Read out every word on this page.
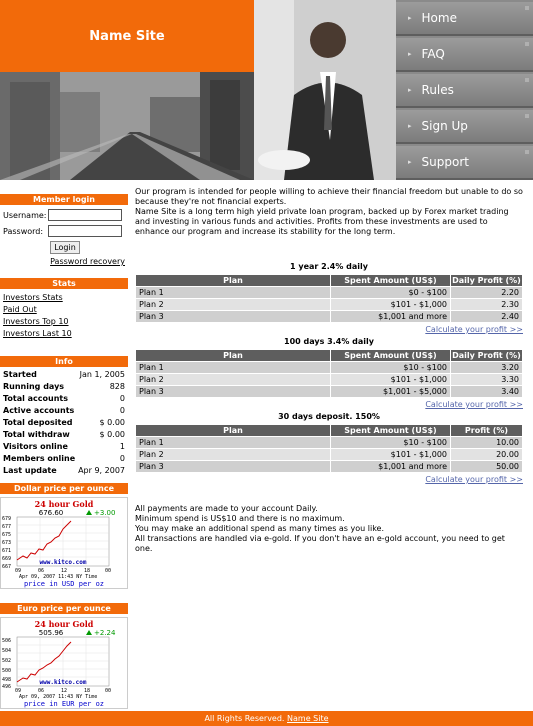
Name Site
▸ Home
▸ FAQ
▸ Rules
▸ Sign Up
▸ Support
Member login
Username:
Password:
Login
Password recovery
Stats
Investors Stats
Paid Out
Investors Top 10
Investors Last 10
Info
Started	Jan 1, 2005
Running days	828
Total accounts	0
Active accounts	0
Total deposited	$ 0.00
Total withdraw	$ 0.00
Visitors online	1
Members online	0
Last update	Apr 9, 2007
Dollar price per ounce
24 hour Gold
676.60	+3.00
679
677
675
673
671
669
667
09	06	12	18	00
Apr 09, 2007 11:43 NY Time
www.kitco.com
price in USD per oz
Euro price per ounce
24 hour Gold
505.96	+2.24
506
504
502
500
498
496
09	06	12	18	00
Apr 09, 2007 11:43 NY Time
www.kitco.com
price in EUR per oz

Our program is intended for people willing to achieve their financial freedom but unable to do so because they're not financial experts.

Name Site is a long term high yield private loan program, backed up by Forex market trading and investing in various funds and activities. Profits from these investments are used to enhance our program and increase its stability for the long term.

1 year 2.4% daily
Plan	Spent Amount (US$)	Daily Profit (%)
Plan 1	$0 - $100	2.20
Plan 2	$101 - $1,000	2.30
Plan 3	$1,001 and more	2.40
Calculate your profit >>
100 days 3.4% daily
Plan	Spent Amount (US$)	Daily Profit (%)
Plan 1	$10 - $100	3.20
Plan 2	$101 - $1,000	3.30
Plan 3	$1,001 - $5,000	3.40
Calculate your profit >>
30 days deposit. 150%
Plan	Spent Amount (US$)	Profit (%)
Plan 1	$10 - $100	10.00
Plan 2	$101 - $1,000	20.00
Plan 3	$1,001 and more	50.00
Calculate your profit >>

All payments are made to your account Daily.

Minimum spend is US$10 and there is no maximum.

You may make an additional spend as many times as you like.

All transactions are handled via e-gold. If you don't have an e-gold account, you need to get one.

All Rights Reserved. Name Site
